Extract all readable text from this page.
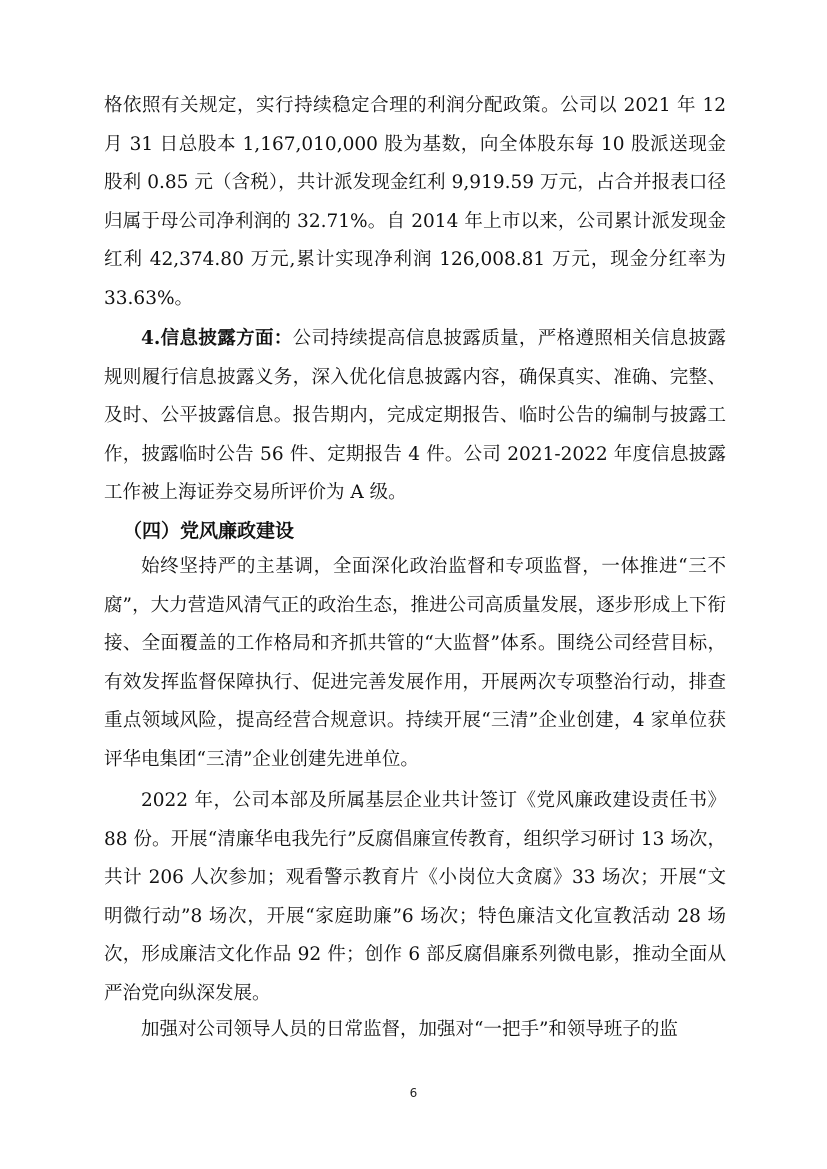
格依照有关规定，实行持续稳定合理的利润分配政策。公司以 2021 年 12 月 31 日总股本 1,167,010,000 股为基数，向全体股东每 10 股派送现金股利 0.85 元（含税），共计派发现金红利 9,919.59 万元，占合并报表口径归属于母公司净利润的 32.71%。自 2014 年上市以来，公司累计派发现金红利 42,374.80 万元,累计实现净利润 126,008.81 万元，现金分红率为 33.63%。

4.信息披露方面：公司持续提高信息披露质量，严格遵照相关信息披露规则履行信息披露义务，深入优化信息披露内容，确保真实、准确、完整、及时、公平披露信息。报告期内，完成定期报告、临时公告的编制与披露工作，披露临时公告 56 件、定期报告 4 件。公司 2021-2022 年度信息披露工作被上海证券交易所评价为 A 级。

（四）党风廉政建设

始终坚持严的主基调，全面深化政治监督和专项监督，一体推进“三不腐”，大力营造风清气正的政治生态，推进公司高质量发展，逐步形成上下衔接、全面覆盖的工作格局和齐抓共管的“大监督”体系。围绕公司经营目标，有效发挥监督保障执行、促进完善发展作用，开展两次专项整治行动，排查重点领域风险，提高经营合规意识。持续开展“三清”企业创建，4 家单位获评华电集团“三清”企业创建先进单位。

2022 年，公司本部及所属基层企业共计签订《党风廉政建设责任书》88 份。开展“清廉华电我先行”反腐倡廉宣传教育，组织学习研讨 13 场次，共计 206 人次参加；观看警示教育片《小岗位大贪腐》33 场次；开展“文明微行动”8 场次，开展“家庭助廉”6 场次；特色廉洁文化宣教活动 28 场次，形成廉洁文化作品 92 件；创作 6 部反腐倡廉系列微电影，推动全面从严治党向纵深发展。

加强对公司领导人员的日常监督，加强对“一把手”和领导班子的监

6
